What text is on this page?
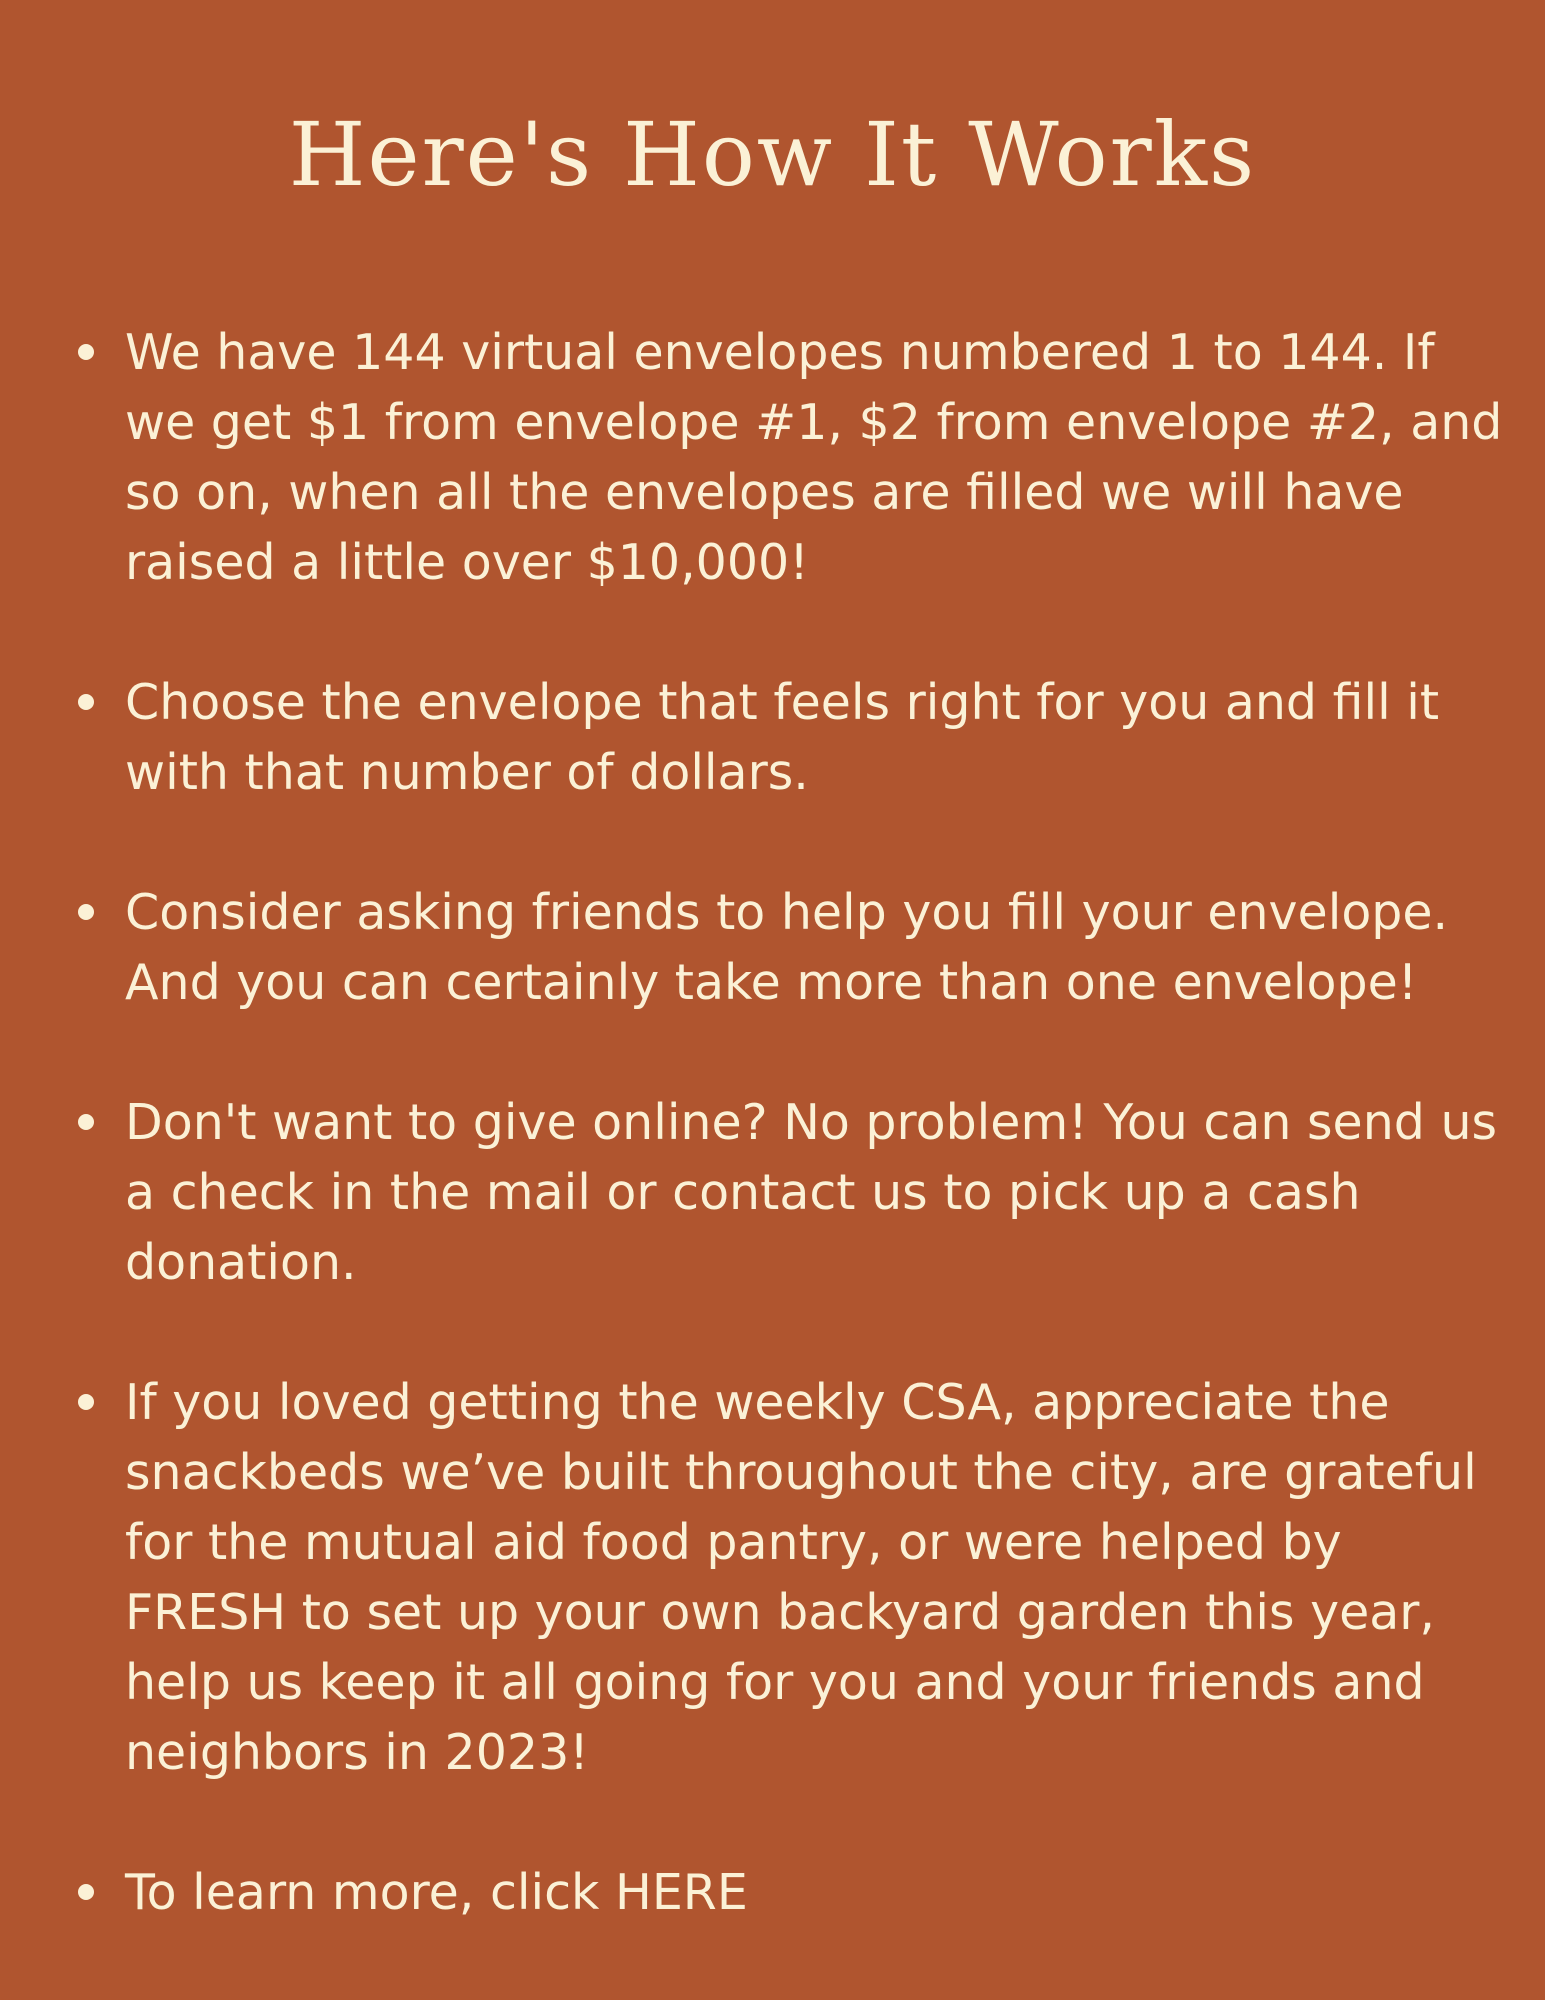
Here's How It Works
We have 144 virtual envelopes numbered 1 to 144. If we get $1 from envelope #1, $2 from envelope #2, and so on, when all the envelopes are filled we will have raised a little over $10,000!
Choose the envelope that feels right for you and fill it with that number of dollars.
Consider asking friends to help you fill your envelope. And you can certainly take more than one envelope!
Don't want to give online? No problem! You can send us a check in the mail or contact us to pick up a cash donation.
If you loved getting the weekly CSA, appreciate the snackbeds we’ve built throughout the city, are grateful for the mutual aid food pantry, or were helped by FRESH to set up your own backyard garden this year, help us keep it all going for you and your friends and neighbors in 2023!
To learn more, click HERE
